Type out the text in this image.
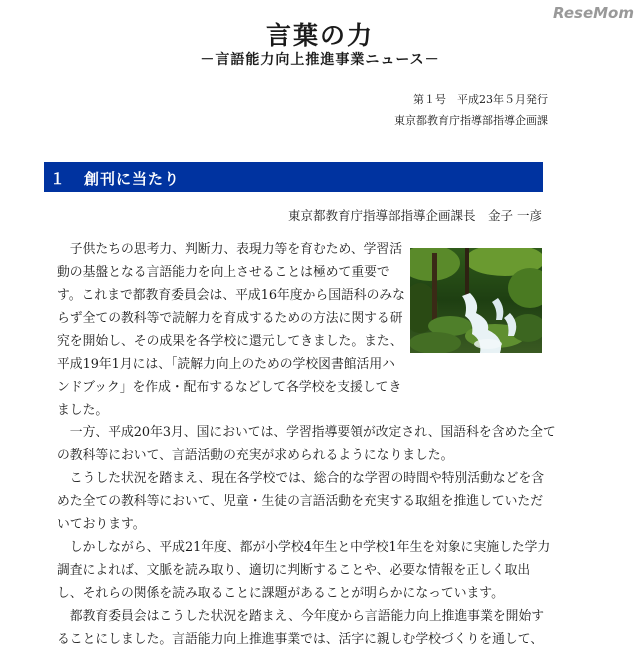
ReseMom
言葉の力
－言語能力向上推進事業ニュース－
第１号　平成23年５月発行
東京都教育庁指導部指導企画課
１ 創刊に当たり
東京都教育庁指導部指導企画課長　金子 一彦
　子供たちの思考力、判断力、表現力等を育むため、学習活
動の基盤となる言語能力を向上させることは極めて重要で
す。これまで都教育委員会は、平成16年度から国語科のみな
らず全ての教科等で読解力を育成するための方法に関する研
究を開始し、その成果を各学校に還元してきました。また、
平成19年1月には、「読解力向上のための学校図書館活用ハ
ンドブック」を作成・配布するなどして各学校を支援してき
ました。
　一方、平成20年3月、国においては、学習指導要領が改定され、国語科を含めた全て
の教科等において、言語活動の充実が求められるようになりました。
　こうした状況を踏まえ、現在各学校では、総合的な学習の時間や特別活動などを含
めた全ての教科等において、児童・生徒の言語活動を充実する取組を推進していただ
いております。
　しかしながら、平成21年度、都が小学校4年生と中学校1年生を対象に実施した学力
調査によれば、文脈を読み取り、適切に判断することや、必要な情報を正しく取出
し、それらの関係を読み取ることに課題があることが明らかになっています。
　都教育委員会はこうした状況を踏まえ、今年度から言語能力向上推進事業を開始す
ることにしました。言語能力向上推進事業では、活字に親しむ学校づくりを通して、
